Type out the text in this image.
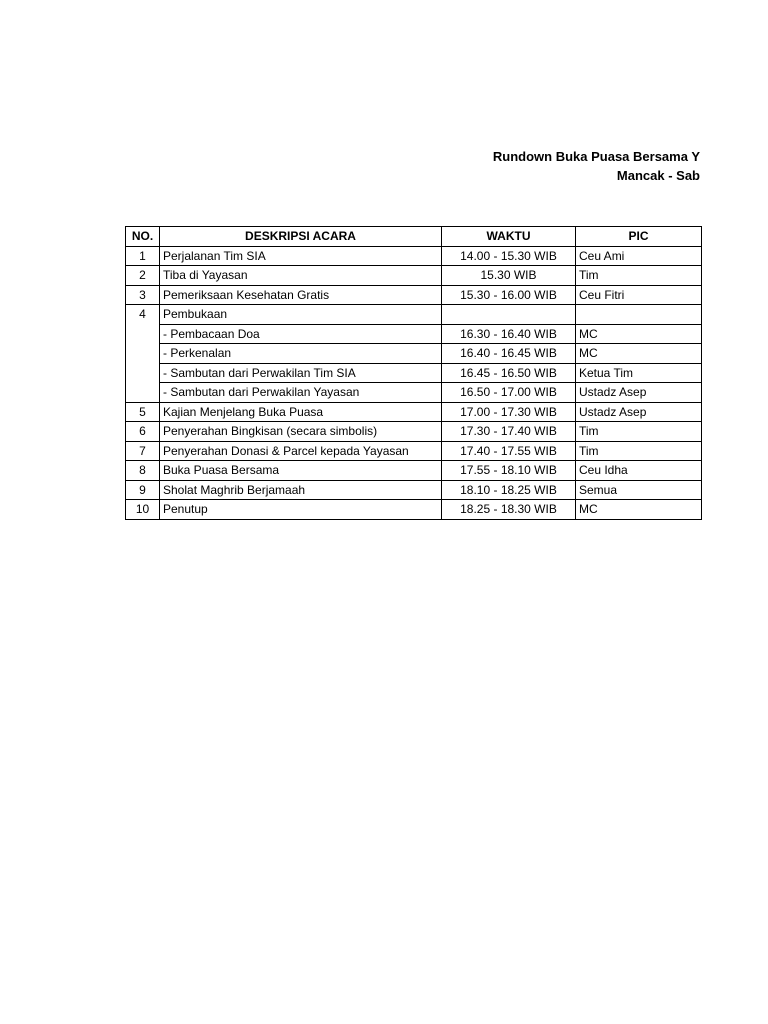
Rundown Buka Puasa Bersama Y
Mancak - Sab
NO.	DESKRIPSI ACARA	WAKTU	PIC
1	Perjalanan Tim SIA	14.00 - 15.30 WIB	Ceu Ami
2	Tiba di Yayasan	15.30 WIB	Tim
3	Pemeriksaan Kesehatan Gratis	15.30 - 16.00 WIB	Ceu Fitri
4	Pembukaan		
	- Pembacaan Doa	16.30 - 16.40 WIB	MC
	- Perkenalan	16.40 - 16.45 WIB	MC
	- Sambutan dari Perwakilan Tim SIA	16.45 - 16.50 WIB	Ketua Tim
	- Sambutan dari Perwakilan Yayasan	16.50 - 17.00 WIB	Ustadz Asep
5	Kajian Menjelang Buka Puasa	17.00 - 17.30 WIB	Ustadz Asep
6	Penyerahan Bingkisan (secara simbolis)	17.30 - 17.40 WIB	Tim
7	Penyerahan Donasi & Parcel kepada Yayasan	17.40 - 17.55 WIB	Tim
8	Buka Puasa Bersama	17.55 - 18.10 WIB	Ceu Idha
9	Sholat Maghrib Berjamaah	18.10 - 18.25 WIB	Semua
10	Penutup	18.25 - 18.30 WIB	MC
